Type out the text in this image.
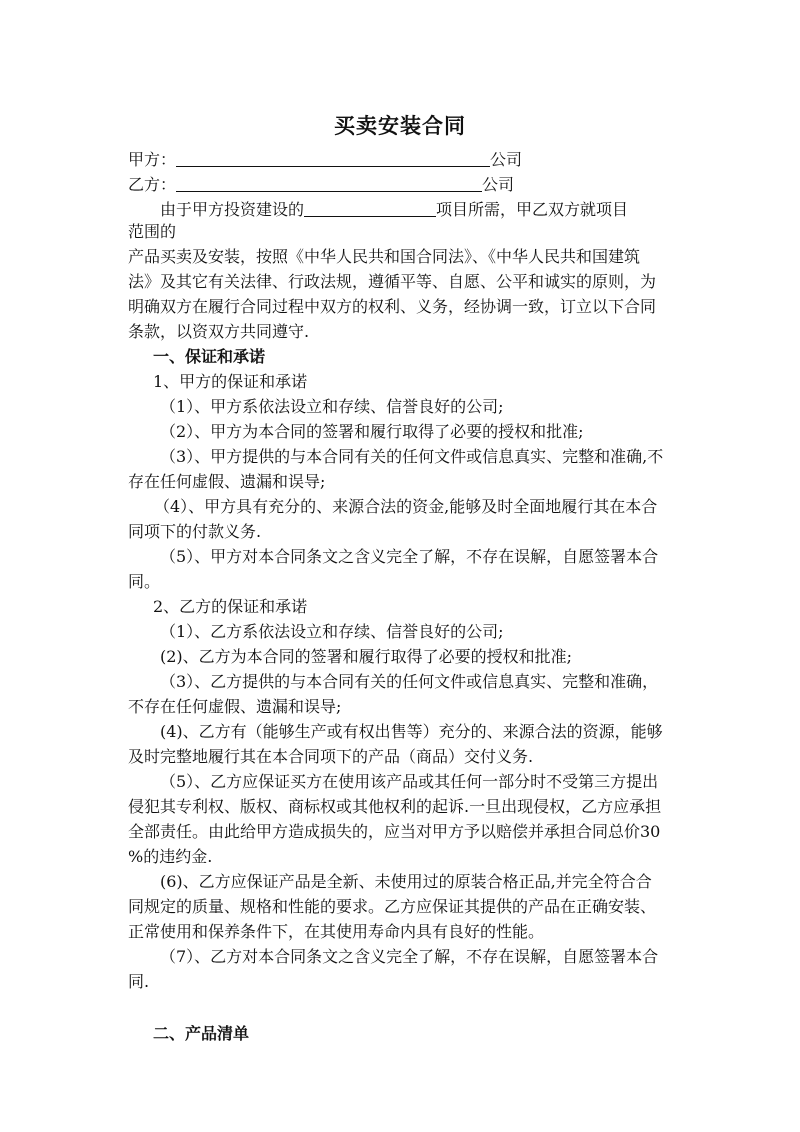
买卖安装合同
甲方：	公司
乙方：	公司
由于甲方投资建设的	项目所需，甲乙双方就项目
范围的
产品买卖及安装，按照《中华人民共和国合同法》、《中华人民共和国建筑
法》及其它有关法律、行政法规，遵循平等、自愿、公平和诚实的原则，为
明确双方在履行合同过程中双方的权利、义务，经协调一致，订立以下合同
条款，以资双方共同遵守.
一、保证和承诺
1、甲方的保证和承诺
（1）、甲方系依法设立和存续、信誉良好的公司;
（2）、甲方为本合同的签署和履行取得了必要的授权和批准;
（3）、甲方提供的与本合同有关的任何文件或信息真实、完整和准确,不
存在任何虚假、遗漏和误导;
（4）、甲方具有充分的、来源合法的资金,能够及时全面地履行其在本合
同项下的付款义务.
（5）、甲方对本合同条文之含义完全了解，不存在误解，自愿签署本合
同。
2、乙方的保证和承诺
（1）、乙方系依法设立和存续、信誉良好的公司;
(2)、乙方为本合同的签署和履行取得了必要的授权和批准;
（3）、乙方提供的与本合同有关的任何文件或信息真实、完整和准确，
不存在任何虚假、遗漏和误导;
(4)、乙方有（能够生产或有权出售等）充分的、来源合法的资源，能够
及时完整地履行其在本合同项下的产品（商品）交付义务.
（5）、乙方应保证买方在使用该产品或其任何一部分时不受第三方提出
侵犯其专利权、版权、商标权或其他权利的起诉.一旦出现侵权，乙方应承担
全部责任。由此给甲方造成损失的，应当对甲方予以赔偿并承担合同总价30
%的违约金.
(6)、乙方应保证产品是全新、未使用过的原装合格正品,并完全符合合
同规定的质量、规格和性能的要求。乙方应保证其提供的产品在正确安装、
正常使用和保养条件下，在其使用寿命内具有良好的性能。
（7）、乙方对本合同条文之含义完全了解，不存在误解，自愿签署本合
同.
二、产品清单
